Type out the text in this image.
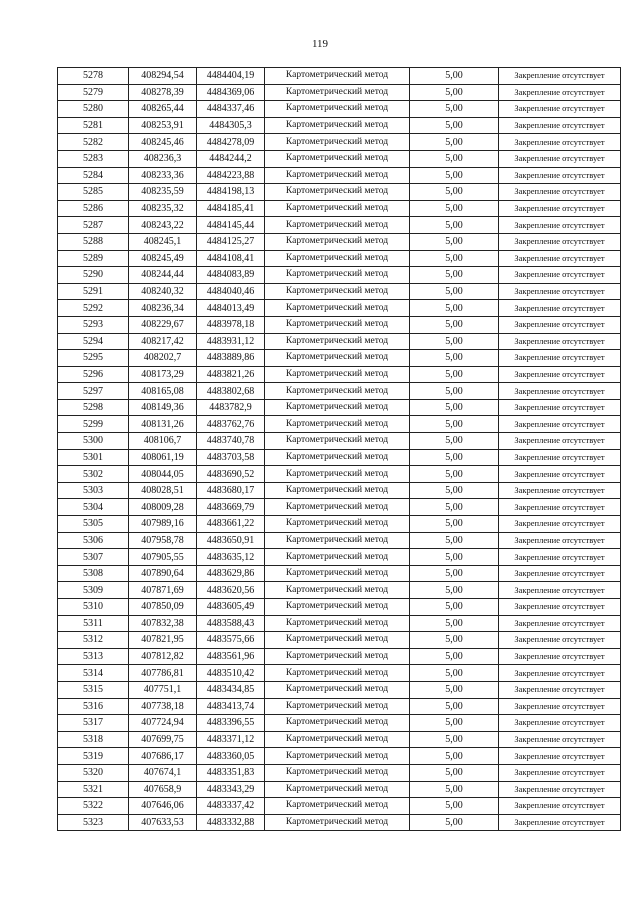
119
5278	408294,54	4484404,19	Картометрический метод	5,00	Закрепление отсутствует
5279	408278,39	4484369,06	Картометрический метод	5,00	Закрепление отсутствует
5280	408265,44	4484337,46	Картометрический метод	5,00	Закрепление отсутствует
5281	408253,91	4484305,3	Картометрический метод	5,00	Закрепление отсутствует
5282	408245,46	4484278,09	Картометрический метод	5,00	Закрепление отсутствует
5283	408236,3	4484244,2	Картометрический метод	5,00	Закрепление отсутствует
5284	408233,36	4484223,88	Картометрический метод	5,00	Закрепление отсутствует
5285	408235,59	4484198,13	Картометрический метод	5,00	Закрепление отсутствует
5286	408235,32	4484185,41	Картометрический метод	5,00	Закрепление отсутствует
5287	408243,22	4484145,44	Картометрический метод	5,00	Закрепление отсутствует
5288	408245,1	4484125,27	Картометрический метод	5,00	Закрепление отсутствует
5289	408245,49	4484108,41	Картометрический метод	5,00	Закрепление отсутствует
5290	408244,44	4484083,89	Картометрический метод	5,00	Закрепление отсутствует
5291	408240,32	4484040,46	Картометрический метод	5,00	Закрепление отсутствует
5292	408236,34	4484013,49	Картометрический метод	5,00	Закрепление отсутствует
5293	408229,67	4483978,18	Картометрический метод	5,00	Закрепление отсутствует
5294	408217,42	4483931,12	Картометрический метод	5,00	Закрепление отсутствует
5295	408202,7	4483889,86	Картометрический метод	5,00	Закрепление отсутствует
5296	408173,29	4483821,26	Картометрический метод	5,00	Закрепление отсутствует
5297	408165,08	4483802,68	Картометрический метод	5,00	Закрепление отсутствует
5298	408149,36	4483782,9	Картометрический метод	5,00	Закрепление отсутствует
5299	408131,26	4483762,76	Картометрический метод	5,00	Закрепление отсутствует
5300	408106,7	4483740,78	Картометрический метод	5,00	Закрепление отсутствует
5301	408061,19	4483703,58	Картометрический метод	5,00	Закрепление отсутствует
5302	408044,05	4483690,52	Картометрический метод	5,00	Закрепление отсутствует
5303	408028,51	4483680,17	Картометрический метод	5,00	Закрепление отсутствует
5304	408009,28	4483669,79	Картометрический метод	5,00	Закрепление отсутствует
5305	407989,16	4483661,22	Картометрический метод	5,00	Закрепление отсутствует
5306	407958,78	4483650,91	Картометрический метод	5,00	Закрепление отсутствует
5307	407905,55	4483635,12	Картометрический метод	5,00	Закрепление отсутствует
5308	407890,64	4483629,86	Картометрический метод	5,00	Закрепление отсутствует
5309	407871,69	4483620,56	Картометрический метод	5,00	Закрепление отсутствует
5310	407850,09	4483605,49	Картометрический метод	5,00	Закрепление отсутствует
5311	407832,38	4483588,43	Картометрический метод	5,00	Закрепление отсутствует
5312	407821,95	4483575,66	Картометрический метод	5,00	Закрепление отсутствует
5313	407812,82	4483561,96	Картометрический метод	5,00	Закрепление отсутствует
5314	407786,81	4483510,42	Картометрический метод	5,00	Закрепление отсутствует
5315	407751,1	4483434,85	Картометрический метод	5,00	Закрепление отсутствует
5316	407738,18	4483413,74	Картометрический метод	5,00	Закрепление отсутствует
5317	407724,94	4483396,55	Картометрический метод	5,00	Закрепление отсутствует
5318	407699,75	4483371,12	Картометрический метод	5,00	Закрепление отсутствует
5319	407686,17	4483360,05	Картометрический метод	5,00	Закрепление отсутствует
5320	407674,1	4483351,83	Картометрический метод	5,00	Закрепление отсутствует
5321	407658,9	4483343,29	Картометрический метод	5,00	Закрепление отсутствует
5322	407646,06	4483337,42	Картометрический метод	5,00	Закрепление отсутствует
5323	407633,53	4483332,88	Картометрический метод	5,00	Закрепление отсутствует
